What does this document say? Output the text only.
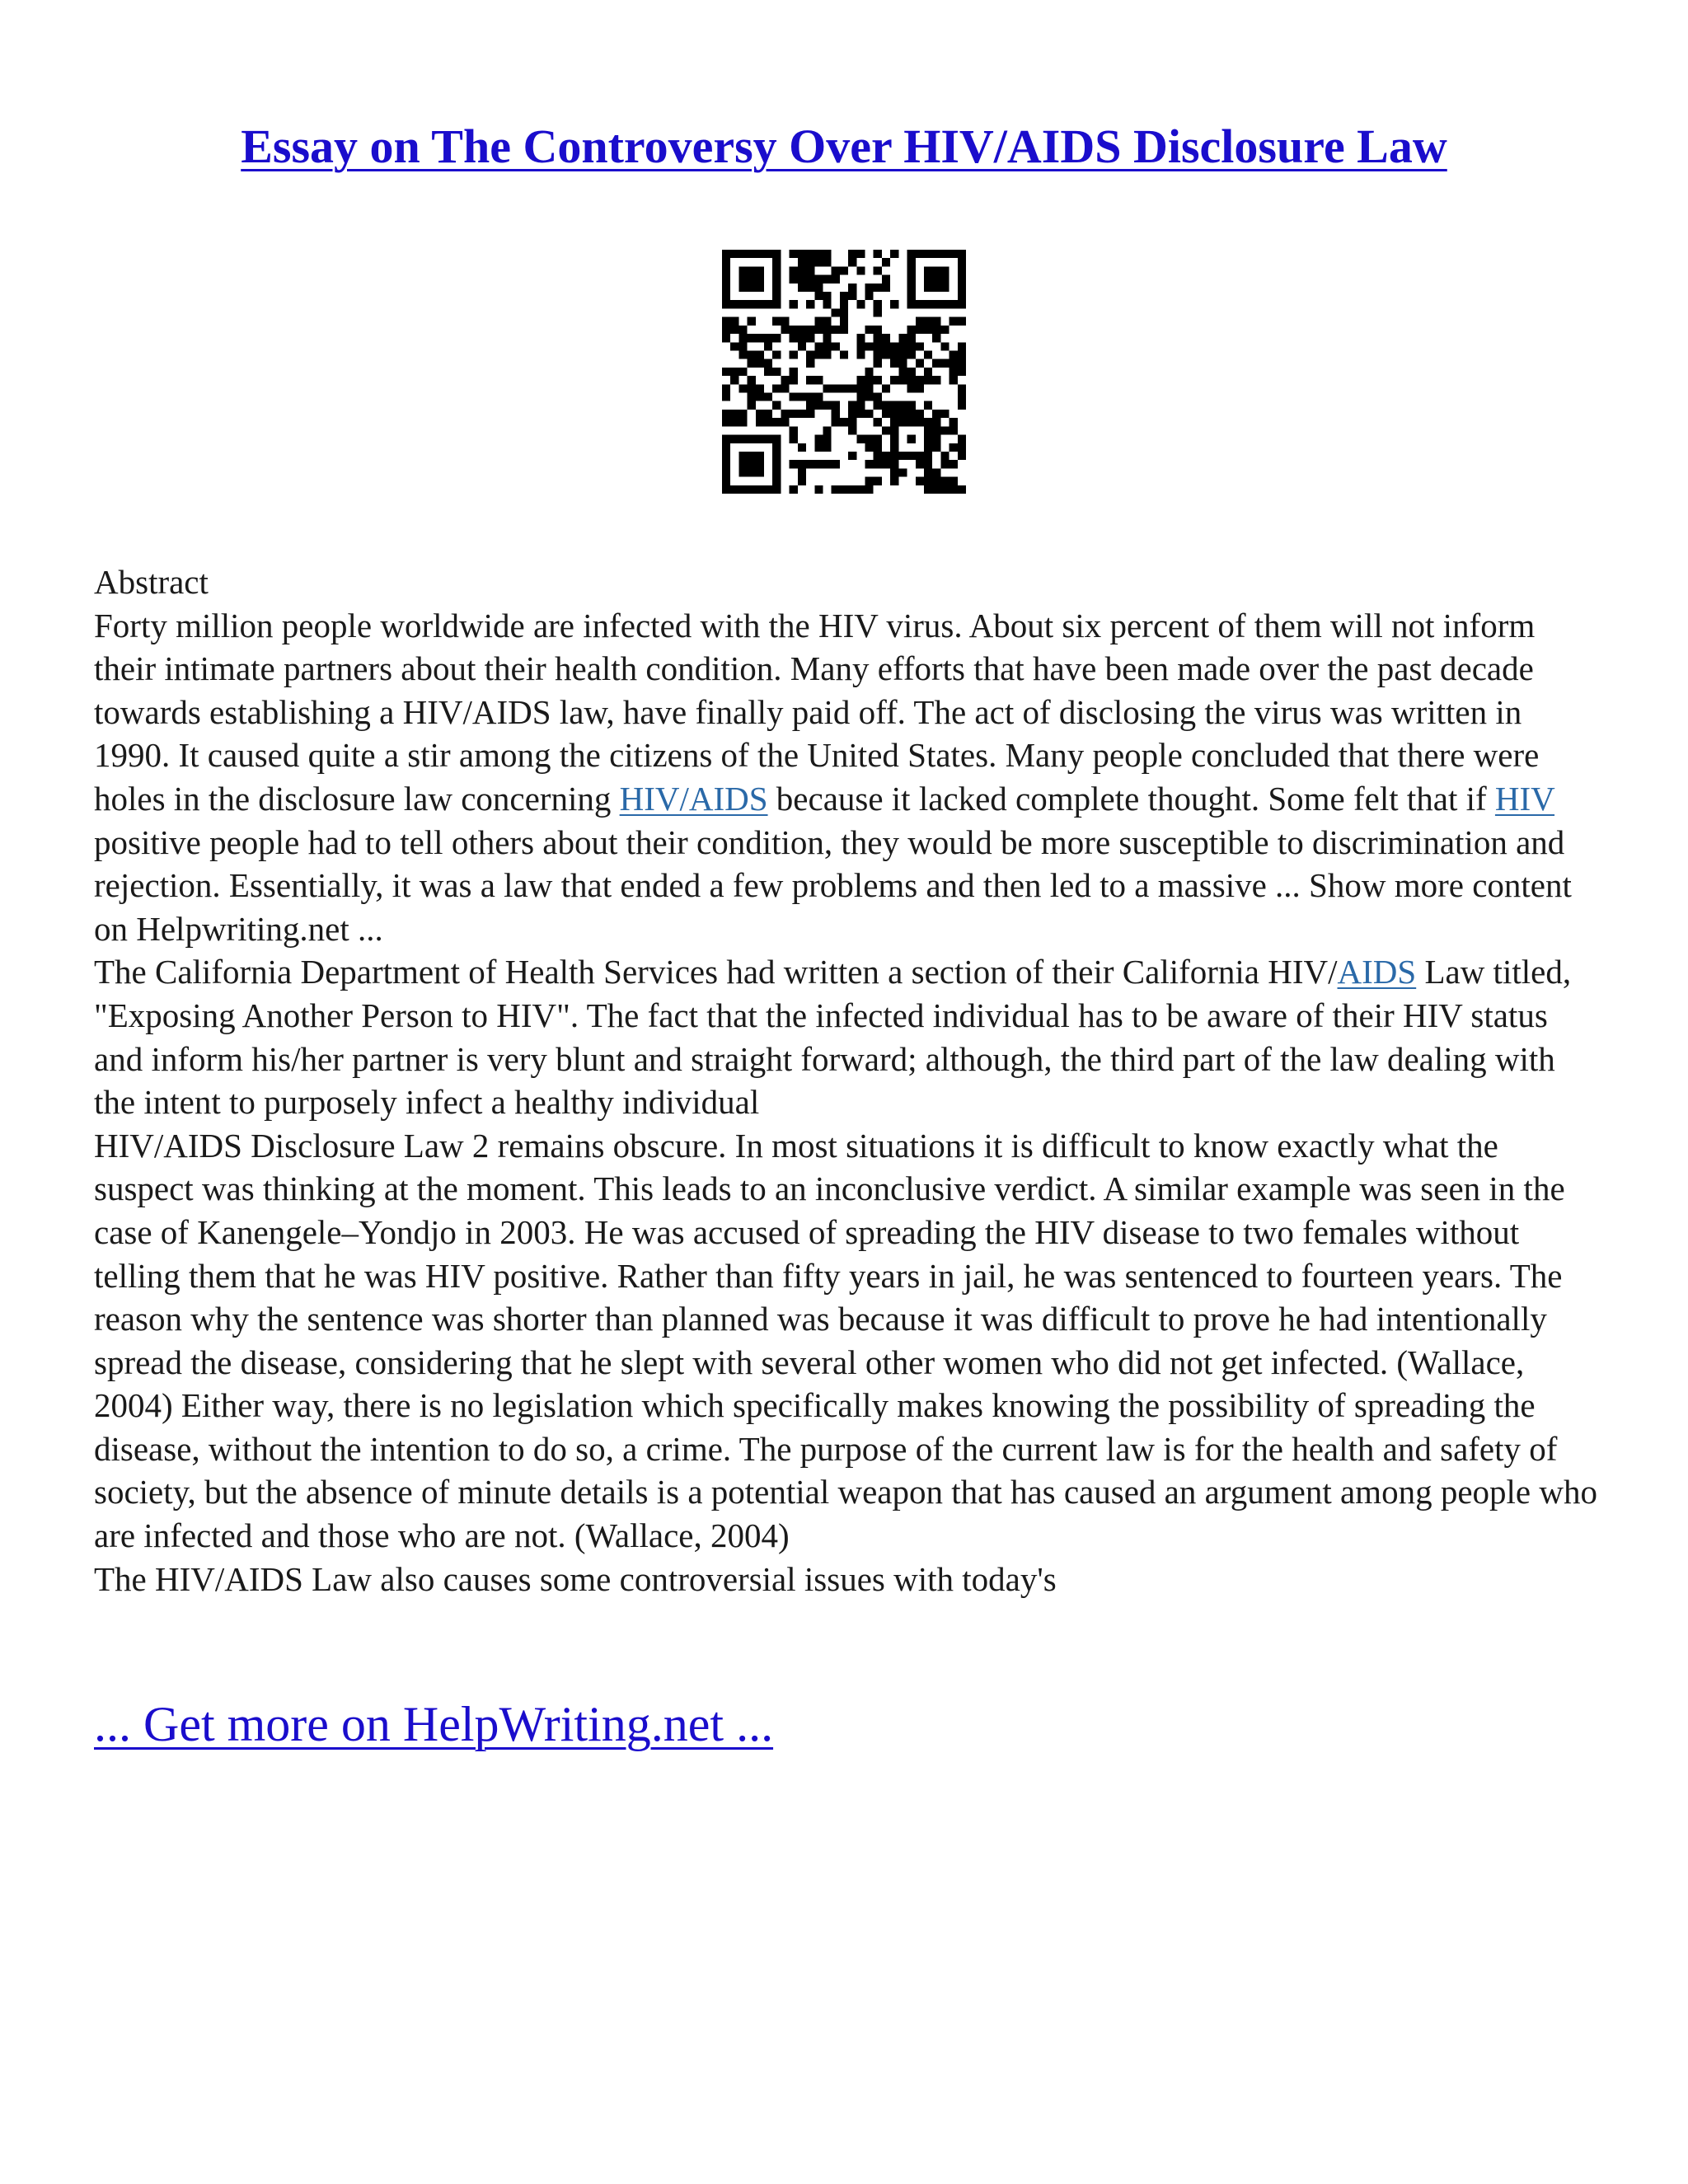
Essay on The Controversy Over HIV/AIDS Disclosure Law

Abstract

Forty million people worldwide are infected with the HIV virus. About six percent of them will not inform their intimate partners about their health condition. Many efforts that have been made over the past decade towards establishing a HIV/AIDS law, have finally paid off. The act of disclosing the virus was written in 1990. It caused quite a stir among the citizens of the United States. Many people concluded that there were holes in the disclosure law concerning HIV/AIDS because it lacked complete thought. Some felt that if HIV positive people had to tell others about their condition, they would be more susceptible to discrimination and rejection. Essentially, it was a law that ended a few problems and then led to a massive ... Show more content on Helpwriting.net ...

The California Department of Health Services had written a section of their California HIV/AIDS Law titled, "Exposing Another Person to HIV". The fact that the infected individual has to be aware of their HIV status and inform his/her partner is very blunt and straight forward; although, the third part of the law dealing with the intent to purposely infect a healthy individual

HIV/AIDS Disclosure Law 2 remains obscure. In most situations it is difficult to know exactly what the suspect was thinking at the moment. This leads to an inconclusive verdict. A similar example was seen in the case of Kanengele–Yondjo in 2003. He was accused of spreading the HIV disease to two females without telling them that he was HIV positive. Rather than fifty years in jail, he was sentenced to fourteen years. The reason why the sentence was shorter than planned was because it was difficult to prove he had intentionally spread the disease, considering that he slept with several other women who did not get infected. (Wallace, 2004) Either way, there is no legislation which specifically makes knowing the possibility of spreading the disease, without the intention to do so, a crime. The purpose of the current law is for the health and safety of society, but the absence of minute details is a potential weapon that has caused an argument among people who are infected and those who are not. (Wallace, 2004)

The HIV/AIDS Law also causes some controversial issues with today's

... Get more on HelpWriting.net ...
